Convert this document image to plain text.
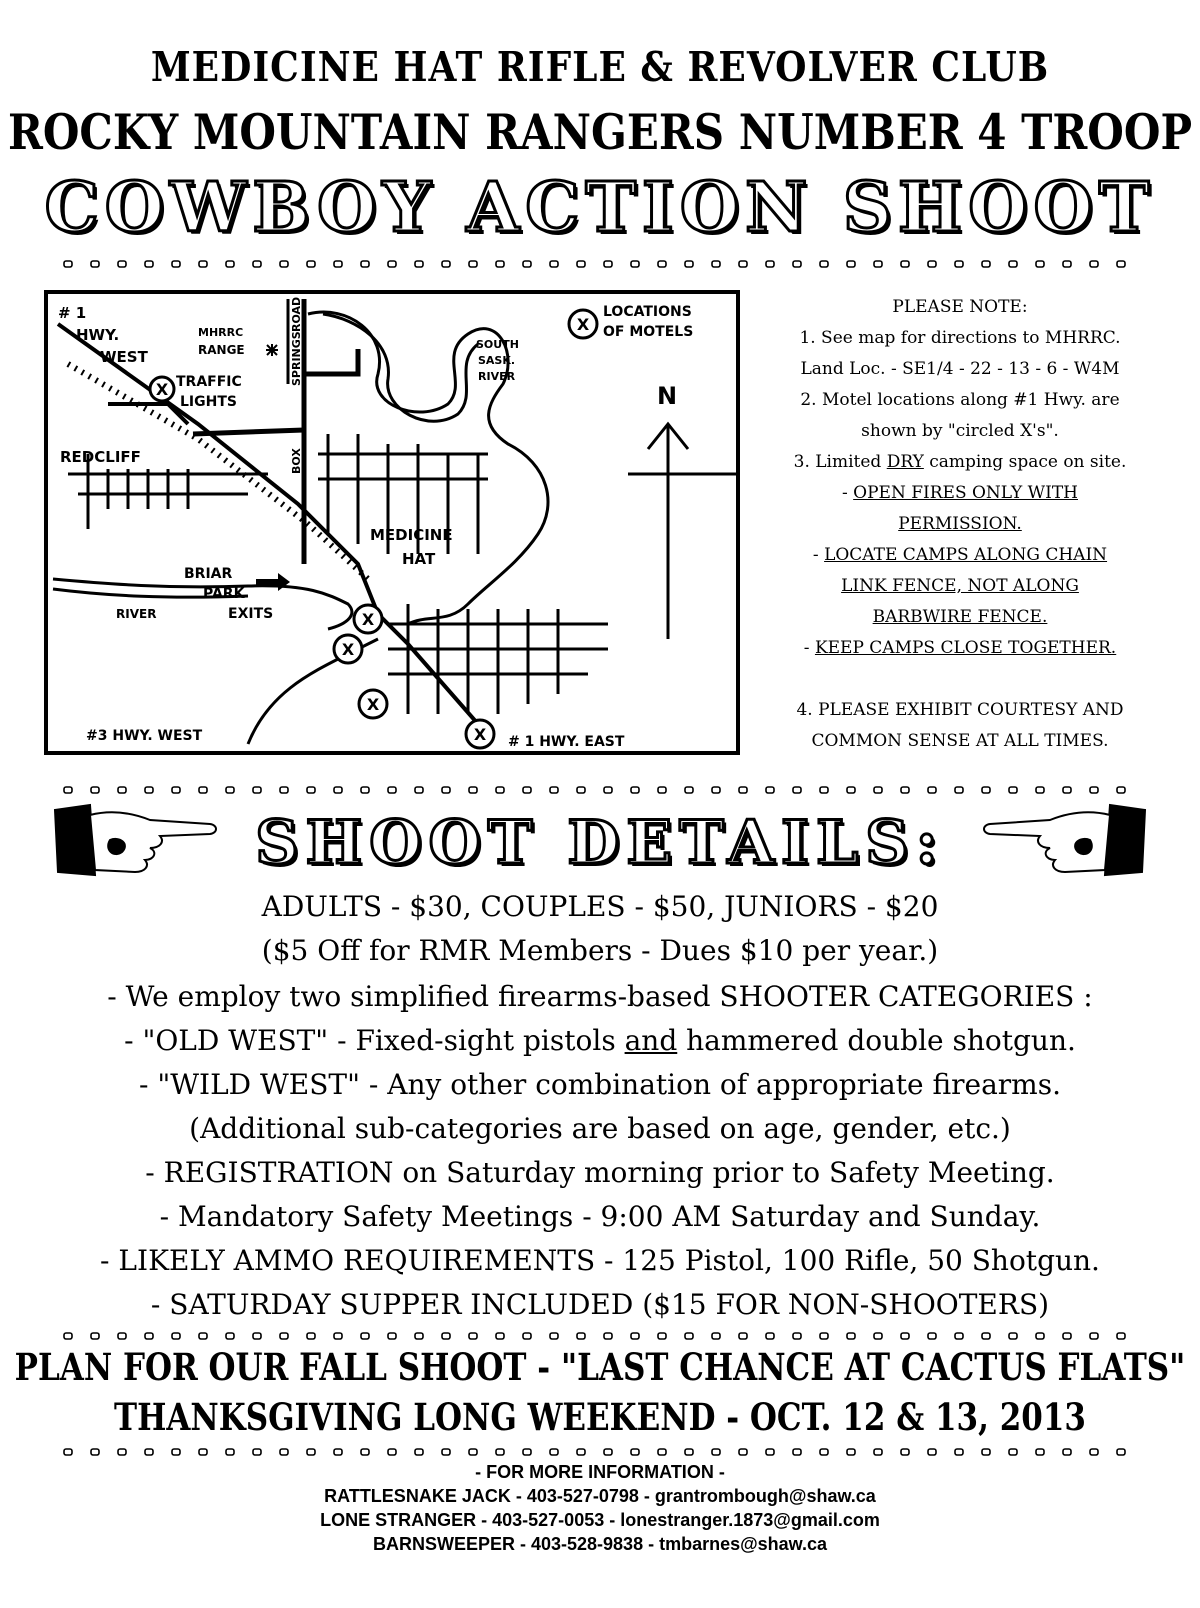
MEDICINE HAT RIFLE & REVOLVER CLUB
ROCKY MOUNTAIN RANGERS NUMBER 4 TROOP
COWBOY ACTION SHOOT
X
X
X
X
X
X
# 1
HWY.
WEST
MHRRC
RANGE	SPRINGS
ROAD
BOX
TRAFFIC
LIGHTS
REDCLIFF
SOUTH
SASK.
RIVER
LOCATIONS
OF MOTELS
N
MEDICINE
HAT
BRIAR
PARK
EXITS
RIVER
#3 HWY. WEST	# 1 HWY. EAST
PLEASE NOTE:
1. See map for directions to MHRRC.
Land Loc. - SE1/4 - 22 - 13 - 6 - W4M
2. Motel locations along #1 Hwy. are
shown by "circled X's".
3. Limited DRY camping space on site.
- OPEN FIRES ONLY WITH
PERMISSION.
- LOCATE CAMPS ALONG CHAIN
LINK FENCE, NOT ALONG
BARBWIRE FENCE.
- KEEP CAMPS CLOSE TOGETHER.

4. PLEASE EXHIBIT COURTESY AND
COMMON SENSE AT ALL TIMES.
SHOOT DETAILS:
ADULTS - $30, COUPLES - $50, JUNIORS - $20
($5 Off for RMR Members - Dues $10 per year.)
- We employ two simplified firearms-based SHOOTER CATEGORIES :
- "OLD WEST" - Fixed-sight pistols and hammered double shotgun.
- "WILD WEST" - Any other combination of appropriate firearms.
(Additional sub-categories are based on age, gender, etc.)
- REGISTRATION on Saturday morning prior to Safety Meeting.
- Mandatory Safety Meetings - 9:00 AM Saturday and Sunday.
- LIKELY AMMO REQUIREMENTS - 125 Pistol, 100 Rifle, 50 Shotgun.
- SATURDAY SUPPER INCLUDED ($15 FOR NON-SHOOTERS)
PLAN FOR OUR FALL SHOOT - "LAST CHANCE AT CACTUS FLATS"
THANKSGIVING LONG WEEKEND - OCT. 12 & 13, 2013
- FOR MORE INFORMATION -
RATTLESNAKE JACK - 403-527-0798 - grantrombough@shaw.ca
LONE STRANGER - 403-527-0053 - lonestranger.1873@gmail.com
BARNSWEEPER - 403-528-9838 - tmbarnes@shaw.ca
